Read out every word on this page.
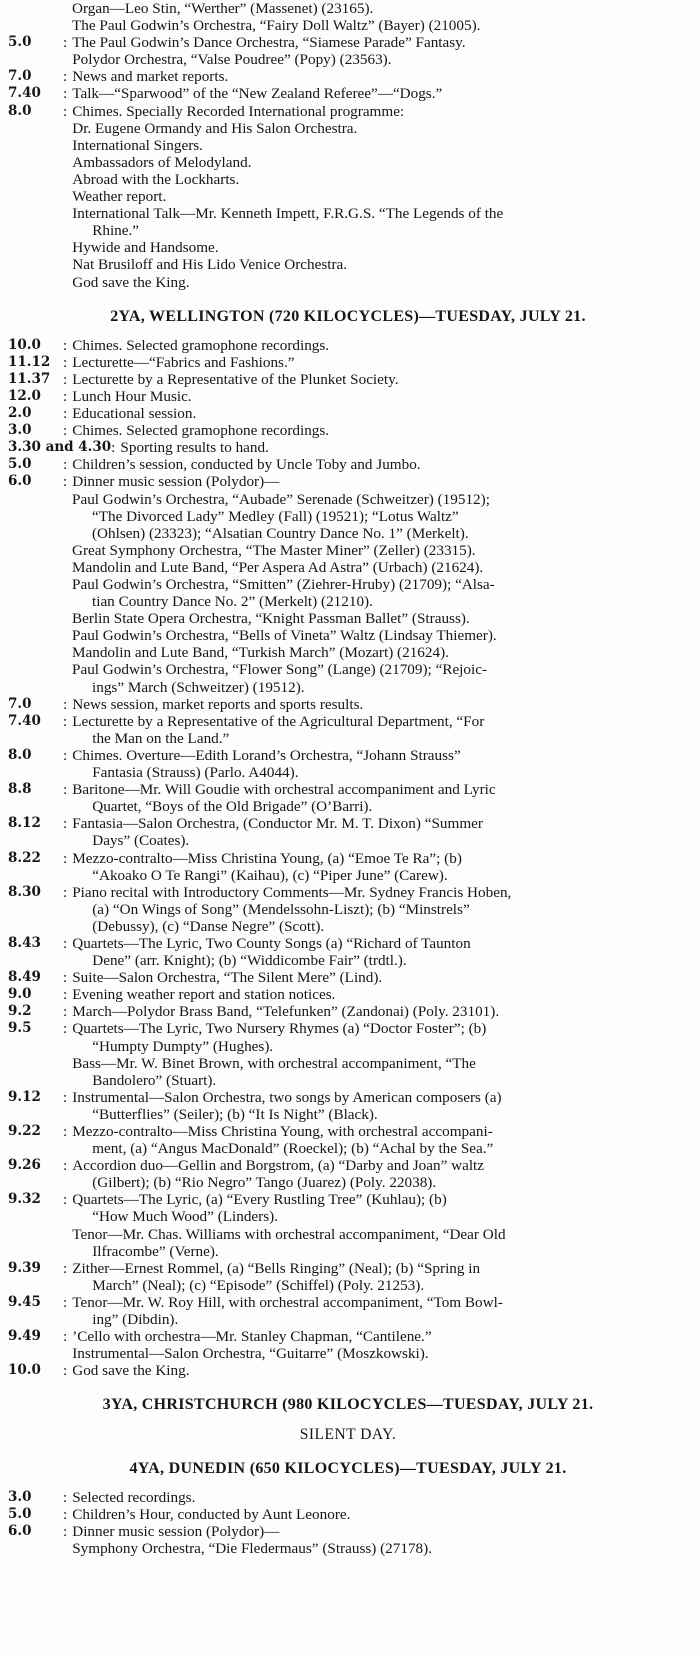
Organ—Leo Stin, “Werther” (Massenet) (23165).
The Paul Godwin’s Orchestra, “Fairy Doll Waltz” (Bayer) (21005).
5.0	: The Paul Godwin’s Dance Orchestra, “Siamese Parade” Fantasy.
Polydor Orchestra, “Valse Poudree” (Popy) (23563).
7.0	: News and market reports.
7.40	: Talk—“Sparwood” of the “New Zealand Referee”—“Dogs.”
8.0	: Chimes. Specially Recorded International programme:
Dr. Eugene Ormandy and His Salon Orchestra.
International Singers.
Ambassadors of Melodyland.
Abroad with the Lockharts.
Weather report.
International Talk—Mr. Kenneth Impett, F.R.G.S. “The Legends of the
Rhine.”
Hywide and Handsome.
Nat Brusiloff and His Lido Venice Orchestra.
God save the King.
2YA, WELLINGTON (720 KILOCYCLES)—TUESDAY, JULY 21.
10.0	: Chimes. Selected gramophone recordings.
11.12 : Lecturette—“Fabrics and Fashions.”
11.37 : Lecturette by a Representative of the Plunket Society.
12.0	: Lunch Hour Music.
2.0	: Educational session.
3.0	: Chimes. Selected gramophone recordings.
3.30 and 4.30 : Sporting results to hand.
5.0	: Children’s session, conducted by Uncle Toby and Jumbo.
6.0	: Dinner music session (Polydor)—
Paul Godwin’s Orchestra, “Aubade” Serenade (Schweitzer) (19512);
“The Divorced Lady” Medley (Fall) (19521); “Lotus Waltz”
(Ohlsen) (23323); “Alsatian Country Dance No. 1” (Merkelt).
Great Symphony Orchestra, “The Master Miner” (Zeller) (23315).
Mandolin and Lute Band, “Per Aspera Ad Astra” (Urbach) (21624).
Paul Godwin’s Orchestra, “Smitten” (Ziehrer-Hruby) (21709); “Alsa-
tian Country Dance No. 2” (Merkelt) (21210).
Berlin State Opera Orchestra, “Knight Passman Ballet” (Strauss).
Paul Godwin’s Orchestra, “Bells of Vineta” Waltz (Lindsay Thiemer).
Mandolin and Lute Band, “Turkish March” (Mozart) (21624).
Paul Godwin’s Orchestra, “Flower Song” (Lange) (21709); “Rejoic-
ings” March (Schweitzer) (19512).
7.0	: News session, market reports and sports results.
7.40	: Lecturette by a Representative of the Agricultural Department, “For
the Man on the Land.”
8.0	: Chimes. Overture—Edith Lorand’s Orchestra, “Johann Strauss”
Fantasia (Strauss) (Parlo. A4044).
8.8	: Baritone—Mr. Will Goudie with orchestral accompaniment and Lyric
Quartet, “Boys of the Old Brigade” (O’Barri).
8.12	: Fantasia—Salon Orchestra, (Conductor Mr. M. T. Dixon) “Summer
Days” (Coates).
8.22	: Mezzo-contralto—Miss Christina Young, (a) “Emoe Te Ra”; (b)
“Akoako O Te Rangi” (Kaihau), (c) “Piper June” (Carew).
8.30	: Piano recital with Introductory Comments—Mr. Sydney Francis Hoben,
(a) “On Wings of Song” (Mendelssohn-Liszt); (b) “Minstrels”
(Debussy), (c) “Danse Negre” (Scott).
8.43	: Quartets—The Lyric, Two County Songs (a) “Richard of Taunton
Dene” (arr. Knight); (b) “Widdicombe Fair” (trdtl.).
8.49	: Suite—Salon Orchestra, “The Silent Mere” (Lind).
9.0	: Evening weather report and station notices.
9.2	: March—Polydor Brass Band, “Telefunken” (Zandonai) (Poly. 23101).
9.5	: Quartets—The Lyric, Two Nursery Rhymes (a) “Doctor Foster”; (b)
“Humpty Dumpty” (Hughes).
Bass—Mr. W. Binet Brown, with orchestral accompaniment, “The
Bandolero” (Stuart).
9.12	: Instrumental—Salon Orchestra, two songs by American composers (a)
“Butterflies” (Seiler); (b) “It Is Night” (Black).
9.22	: Mezzo-contralto—Miss Christina Young, with orchestral accompani-
ment, (a) “Angus MacDonald” (Roeckel); (b) “Achal by the Sea.”
9.26	: Accordion duo—Gellin and Borgstrom, (a) “Darby and Joan” waltz
(Gilbert); (b) “Rio Negro” Tango (Juarez) (Poly. 22038).
9.32	: Quartets—The Lyric, (a) “Every Rustling Tree” (Kuhlau); (b)
“How Much Wood” (Linders).
Tenor—Mr. Chas. Williams with orchestral accompaniment, “Dear Old
Ilfracombe” (Verne).
9.39	: Zither—Ernest Rommel, (a) “Bells Ringing” (Neal); (b) “Spring in
March” (Neal); (c) “Episode” (Schiffel) (Poly. 21253).
9.45	: Tenor—Mr. W. Roy Hill, with orchestral accompaniment, “Tom Bowl-
ing” (Dibdin).
9.49	: ’Cello with orchestra—Mr. Stanley Chapman, “Cantilene.”
Instrumental—Salon Orchestra, “Guitarre” (Moszkowski).
10.0	: God save the King.
3YA, CHRISTCHURCH (980 KILOCYCLES—TUESDAY, JULY 21.
SILENT DAY.
4YA, DUNEDIN (650 KILOCYCLES)—TUESDAY, JULY 21.
3.0	: Selected recordings.
5.0	: Children’s Hour, conducted by Aunt Leonore.
6.0	: Dinner music session (Polydor)—
Symphony Orchestra, “Die Fledermaus” (Strauss) (27178).
